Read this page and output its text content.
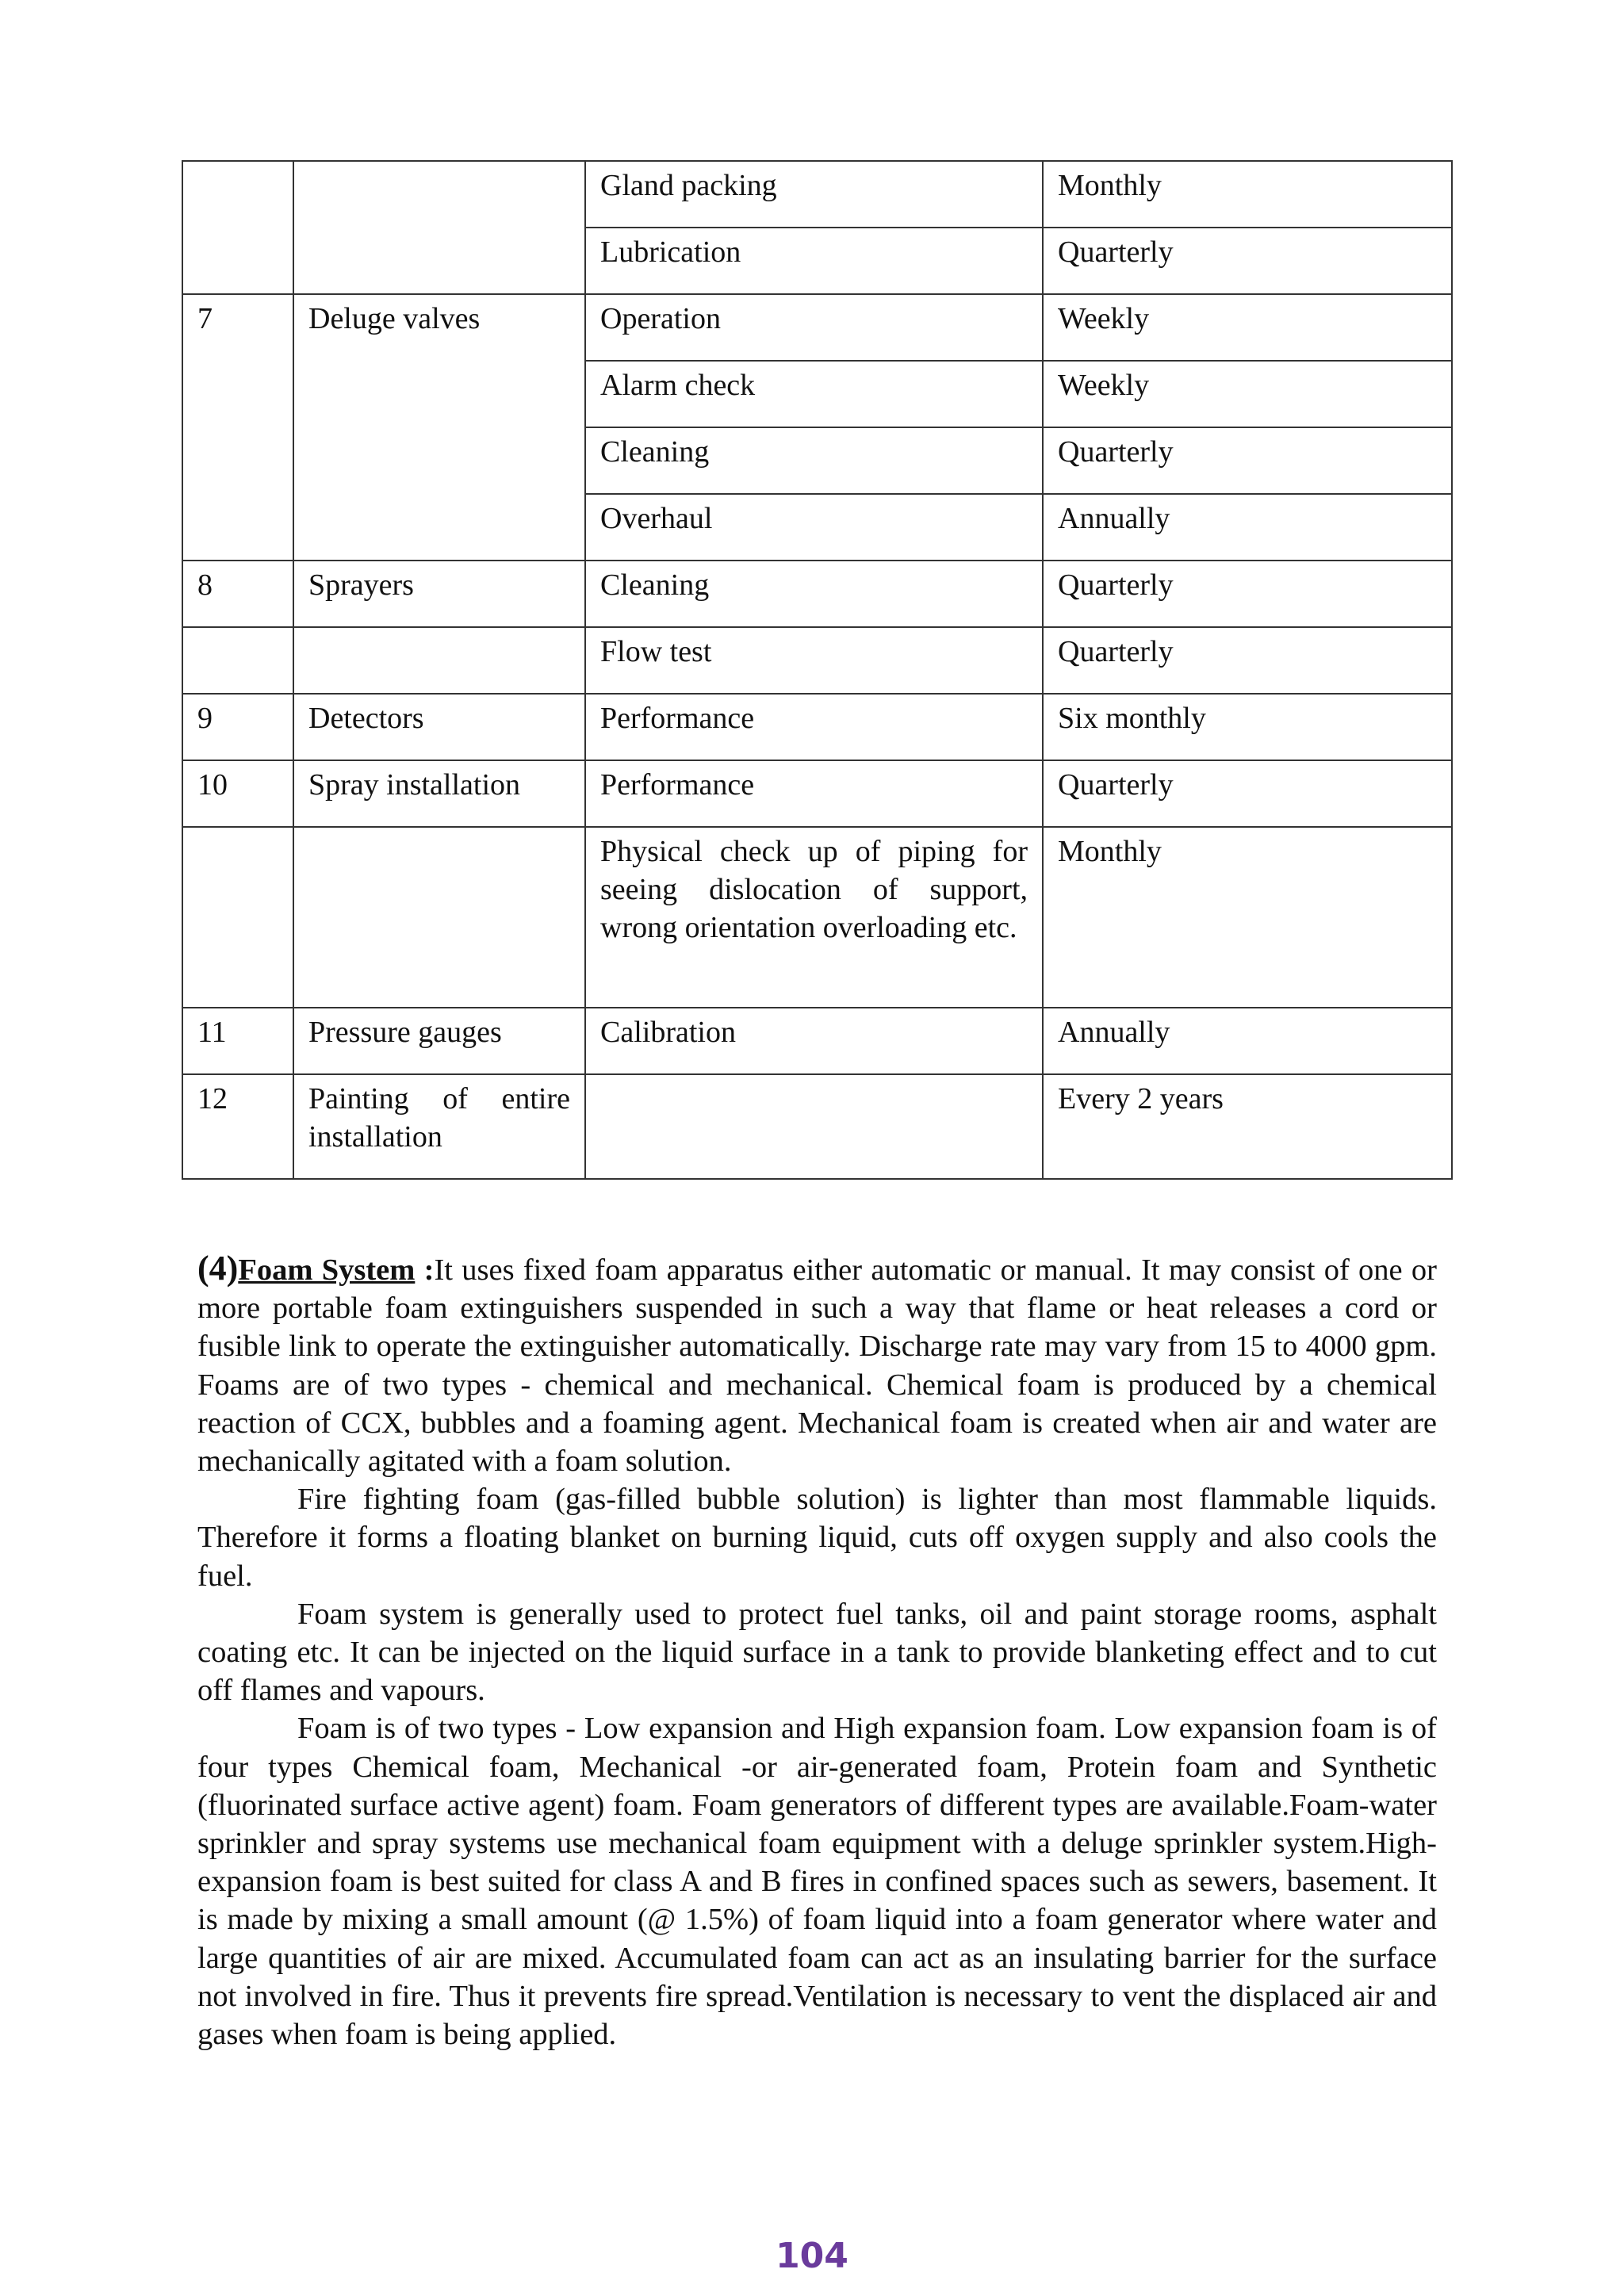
		Gland packing	Monthly
		Lubrication	Quarterly
7	Deluge valves	Operation	Weekly
		Alarm check	Weekly
		Cleaning	Quarterly
		Overhaul	Annually
8	Sprayers	Cleaning	Quarterly
		Flow test	Quarterly
9	Detectors	Performance	Six monthly
10	Spray installation	Performance	Quarterly
		Physical check up of piping for seeing dislocation of support, wrong orientation overloading etc.	Monthly
11	Pressure gauges	Calibration	Annually
12	Painting of entire installation		Every 2 years

(4)Foam System :It uses fixed foam apparatus either automatic or manual. It may consist of one or more portable foam extinguishers suspended in such a way that flame or heat releases a cord or fusible link to operate the extinguisher automatically. Discharge rate may vary from 15 to 4000 gpm. Foams are of two types - chemical and mechanical. Chemical foam is produced by a chemical reaction of CCX, bubbles and a foaming agent. Mechanical foam is created when air and water are mechanically agitated with a foam solution.

Fire fighting foam (gas-filled bubble solution) is lighter than most flammable liquids. Therefore it forms a floating blanket on burning liquid, cuts off oxygen supply and also cools the fuel.

Foam system is generally used to protect fuel tanks, oil and paint storage rooms, asphalt coating etc. It can be injected on the liquid surface in a tank to provide blanketing effect and to cut off flames and vapours.

Foam is of two types - Low expansion and High expansion foam. Low expansion foam is of four types Chemical foam, Mechanical -or air-generated foam, Protein foam and Synthetic (fluorinated surface active agent) foam. Foam generators of different types are available.Foam-water sprinkler and spray systems use mechanical foam equipment with a deluge sprinkler system.High-expansion foam is best suited for class A and B fires in confined spaces such as sewers, basement. It is made by mixing a small amount (@ 1.5%) of foam liquid into a foam generator where water and large quantities of air are mixed. Accumulated foam can act as an insulating barrier for the surface not involved in fire. Thus it prevents fire spread.Ventilation is necessary to vent the displaced air and gases when foam is being applied.

104
